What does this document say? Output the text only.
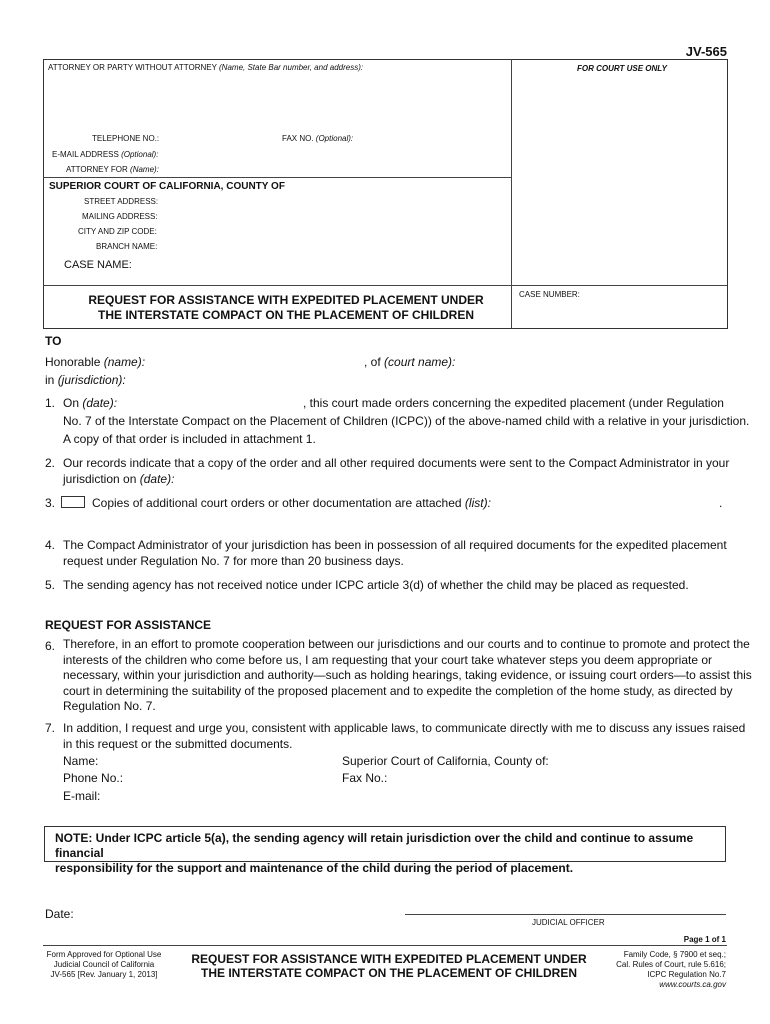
JV-565
ATTORNEY OR PARTY WITHOUT ATTORNEY (Name, State Bar number, and address):	FOR COURT USE ONLY
TELEPHONE NO.:	FAX NO. (Optional):
E-MAIL ADDRESS (Optional):
ATTORNEY FOR (Name):
SUPERIOR COURT OF CALIFORNIA, COUNTY OF
STREET ADDRESS:
MAILING ADDRESS:
CITY AND ZIP CODE:
BRANCH NAME:
CASE NAME:
CASE NUMBER:
REQUEST FOR ASSISTANCE WITH EXPEDITED PLACEMENT UNDER
THE INTERSTATE COMPACT ON THE PLACEMENT OF CHILDREN
TO
Honorable (name):	, of (court name):
in (jurisdiction):
1. On (date):	, this court made orders concerning the expedited placement (under Regulation
No. 7 of the Interstate Compact on the Placement of Children (ICPC)) of the above-named child with a relative in your jurisdiction.
A copy of that order is included in attachment 1.
2. Our records indicate that a copy of the order and all other required documents were sent to the Compact Administrator in your
jurisdiction on (date):
3.	Copies of additional court orders or other documentation are attached (list):	.
4. The Compact Administrator of your jurisdiction has been in possession of all required documents for the expedited placement
request under Regulation No. 7 for more than 20 business days.
5. The sending agency has not received notice under ICPC article 3(d) of whether the child may be placed as requested.
REQUEST FOR ASSISTANCE
6. Therefore, in an effort to promote cooperation between our jurisdictions and our courts and to continue to promote and protect the
interests of the children who come before us, I am requesting that your court take whatever steps you deem appropriate or
necessary, within your jurisdiction and authority—such as holding hearings, taking evidence, or issuing court orders—to assist this
court in determining the suitability of the proposed placement and to expedite the completion of the home study, as directed by
Regulation No. 7.
7. In addition, I request and urge you, consistent with applicable laws, to communicate directly with me to discuss any issues raised
in this request or the submitted documents.
Name:	Superior Court of California, County of:
Phone No.:	Fax No.:
E-mail:
NOTE: Under ICPC article 5(a), the sending agency will retain jurisdiction over the child and continue to assume financial
responsibility for the support and maintenance of the child during the period of placement.
Date:
JUDICIAL OFFICER
Page 1 of 1
Form Approved for Optional Use
Judicial Council of California
JV-565 [Rev. January 1, 2013]
REQUEST FOR ASSISTANCE WITH EXPEDITED PLACEMENT UNDER
THE INTERSTATE COMPACT ON THE PLACEMENT OF CHILDREN
Family Code, § 7900 et seq.;
Cal. Rules of Court, rule 5.616;
ICPC Regulation No.7
www.courts.ca.gov
